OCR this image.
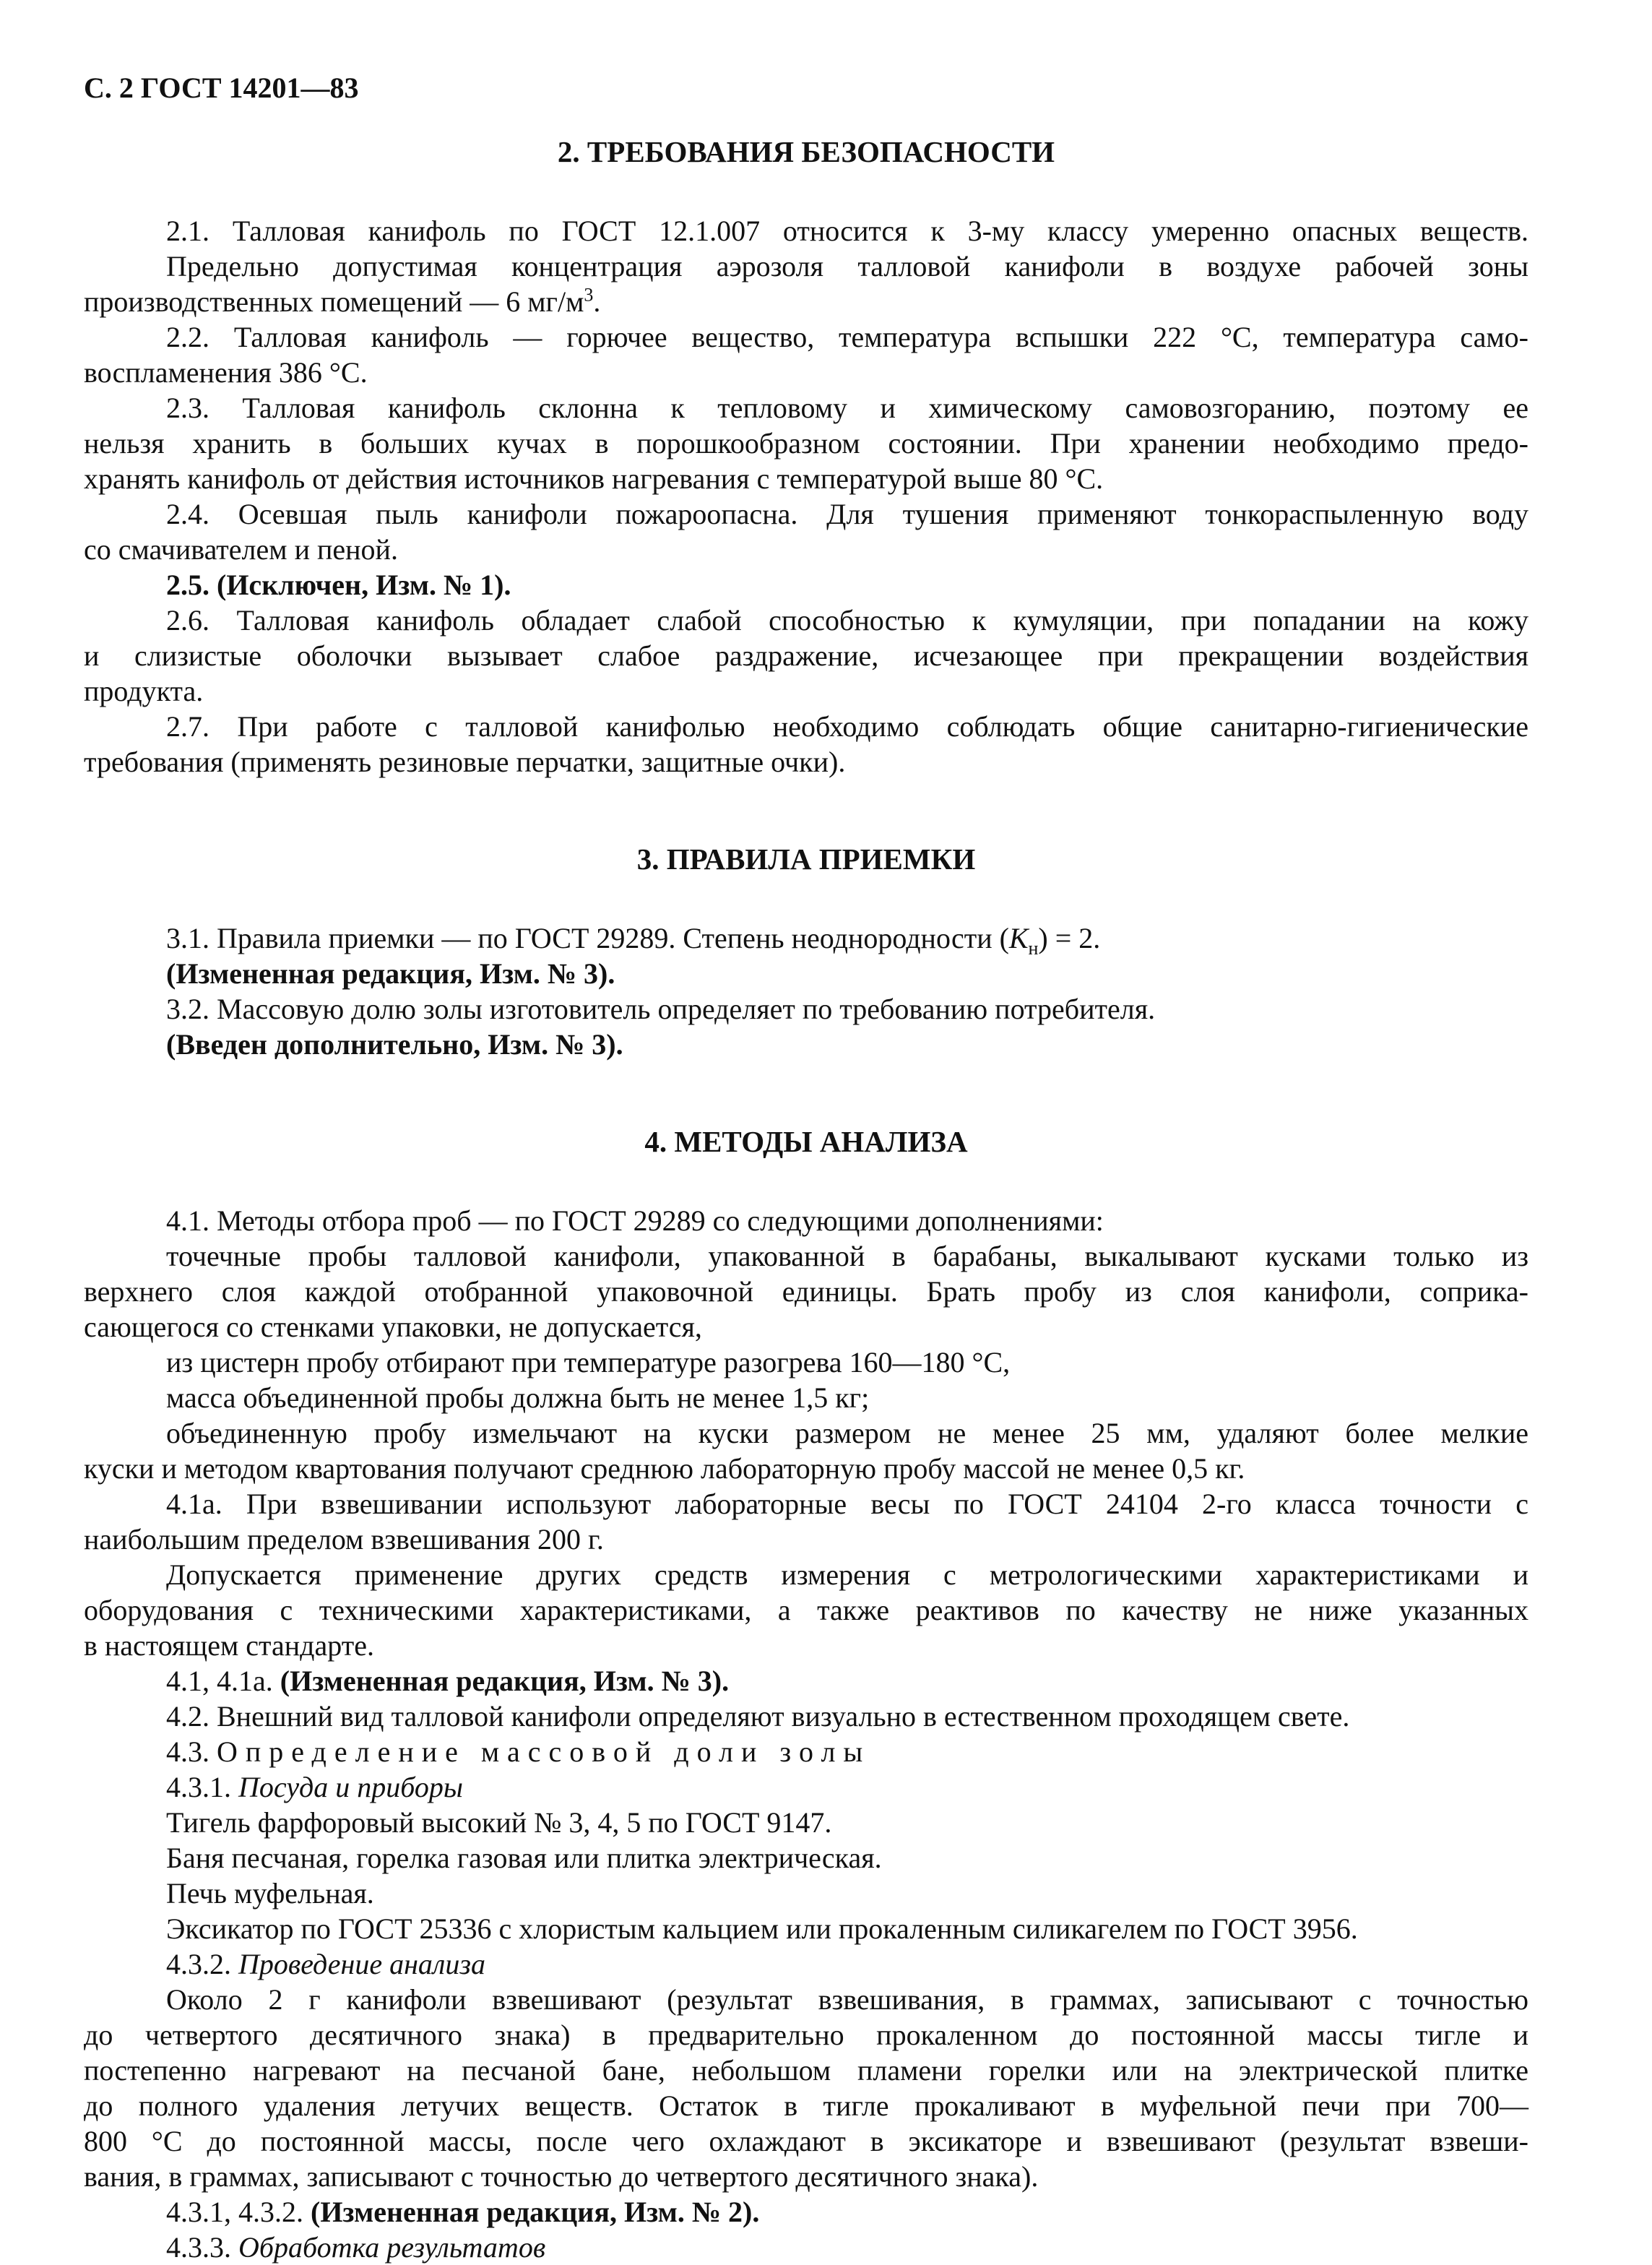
С. 2 ГОСТ 14201—83

2. ТРЕБОВАНИЯ БЕЗОПАСНОСТИ

2.1. Талловая канифоль по ГОСТ 12.1.007 относится к 3-му классу умеренно опасных веществ.
Предельно допустимая концентрация аэрозоля талловой канифоли в воздухе рабочей зоны
производственных помещений — 6 $мг/м^3$.

2.2. Талловая канифоль — горючее вещество, температура вспышки 222 °С, температура само-
воспламенения 386 °С.

2.3. Талловая канифоль склонна к тепловому и химическому самовозгоранию, поэтому ее
нельзя хранить в больших кучах в порошкообразном состоянии. При хранении необходимо предо-
хранять канифоль от действия источников нагревания с температурой выше 80 °С.

2.4. Осевшая пыль канифоли пожароопасна. Для тушения применяют тонкораспыленную воду
со смачивателем и пеной.

2.5. (Исключен, Изм. № 1).

2.6. Талловая канифоль обладает слабой способностью к кумуляции, при попадании на кожу
и слизистые оболочки вызывает слабое раздражение, исчезающее при прекращении воздействия
продукта.

2.7. При работе с талловой канифолью необходимо соблюдать общие санитарно-гигиенические
требования (применять резиновые перчатки, защитные очки).

3. ПРАВИЛА ПРИЕМКИ

3.1. Правила приемки — по ГОСТ 29289. Степень неоднородности $(К_н) = 2$.
(Измененная редакция, Изм. № 3).

3.2. Массовую долю золы изготовитель определяет по требованию потребителя.
(Введен дополнительно, Изм. № 3).

4. МЕТОДЫ АНАЛИЗА

4.1. Методы отбора проб — по ГОСТ 29289 со следующими дополнениями:
точечные пробы талловой канифоли, упакованной в барабаны, выкалывают кусками только из
верхнего слоя каждой отобранной упаковочной единицы. Брать пробу из слоя канифоли, соприка-
сающегося со стенками упаковки, не допускается,
из цистерн пробу отбирают при температуре разогрева 160—180 °С,
масса объединенной пробы должна быть не менее 1,5 кг;
объединенную пробу измельчают на куски размером не менее 25 мм, удаляют более мелкие
куски и методом квартования получают среднюю лабораторную пробу массой не менее 0,5 кг.

4.1а. При взвешивании используют лабораторные весы по ГОСТ 24104 2-го класса точности с
наибольшим пределом взвешивания 200 г.
Допускается применение других средств измерения с метрологическими характеристиками и
оборудования с техническими характеристиками, а также реактивов по качеству не ниже указанных
в настоящем стандарте.
4.1, 4.1а. (Измененная редакция, Изм. № 3).

4.2. Внешний вид талловой канифоли определяют визуально в естественном проходящем свете.

4.3. Определение массовой доли золы
4.3.1. Посуда и приборы
Тигель фарфоровый высокий № 3, 4, 5 по ГОСТ 9147.
Баня песчаная, горелка газовая или плитка электрическая.
Печь муфельная.
Эксикатор по ГОСТ 25336 с хлористым кальцием или прокаленным силикагелем по ГОСТ 3956.
4.3.2. Проведение анализа
Около 2 г канифоли взвешивают (результат взвешивания, в граммах, записывают с точностью
до четвертого десятичного знака) в предварительно прокаленном до постоянной массы тигле и
постепенно нагревают на песчаной бане, небольшом пламени горелки или на электрической плитке
до полного удаления летучих веществ. Остаток в тигле прокаливают в муфельной печи при 700—
800 °С до постоянной массы, после чего охлаждают в эксикаторе и взвешивают (результат взвеши-
вания, в граммах, записывают с точностью до четвертого десятичного знака).
4.3.1, 4.3.2. (Измененная редакция, Изм. № 2).
4.3.3. Обработка результатов
